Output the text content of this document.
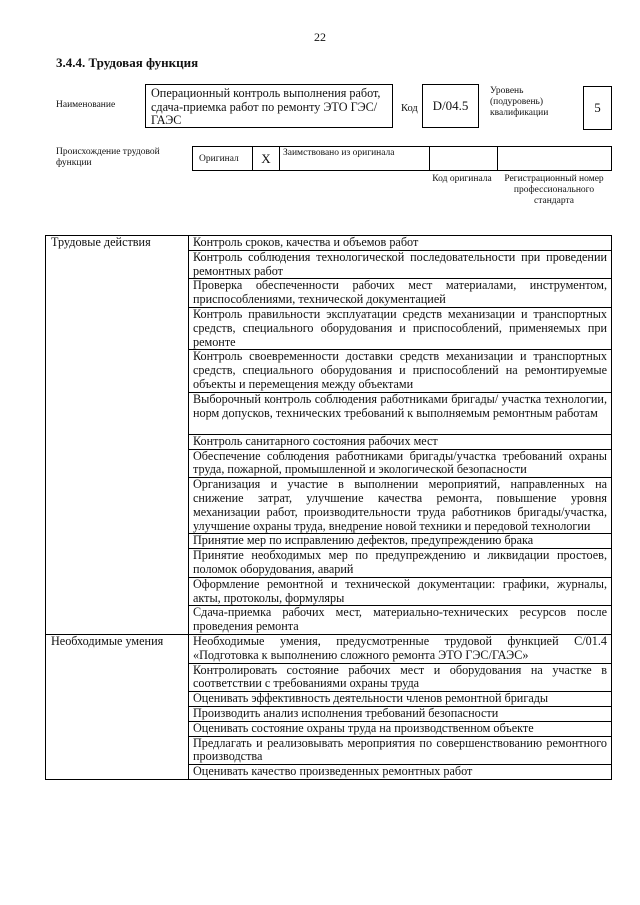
22
3.4.4. Трудовая функция
Наименование
Операционный контроль выполнения работ, сдача-приемка работ по ремонту ЭТО ГЭС/ГАЭС
Код	D/04.5
Уровень (подуровень) квалификации	5
Происхождение трудовой функции	Оригинал	X	Заимствовано из оригинала
Код оригинала	Регистрационный номер профессионального стандарта
Трудовые действия	Контроль сроков, качества и объемов работ
	Контроль соблюдения технологической последовательности при проведении ремонтных работ
	Проверка обеспеченности рабочих мест материалами, инструментом, приспособлениями, технической документацией
	Контроль правильности эксплуатации средств механизации и транспортных средств, специального оборудования и приспособлений, применяемых при ремонте
	Контроль своевременности доставки средств механизации и транспортных средств, специального оборудования и приспособлений на ремонтируемые объекты и перемещения между объектами
	Выборочный контроль соблюдения работниками бригады/ участка технологии, норм допусков, технических требований к выполняемым ремонтным работам
	Контроль санитарного состояния рабочих мест
	Обеспечение соблюдения работниками бригады/участка требований охраны труда, пожарной, промышленной и экологической безопасности
	Организация и участие в выполнении мероприятий, направленных на снижение затрат, улучшение качества ремонта, повышение уровня механизации работ, производительности труда работников бригады/участка, улучшение охраны труда, внедрение новой техники и передовой технологии
	Принятие мер по исправлению дефектов, предупреждению брака
	Принятие необходимых мер по предупреждению и ликвидации простоев, поломок оборудования, аварий
	Оформление ремонтной и технической документации: графики, журналы, акты, протоколы, формуляры
	Сдача-приемка рабочих мест, материально-технических ресурсов после проведения ремонта
Необходимые умения	Необходимые умения, предусмотренные трудовой функцией С/01.4 «Подготовка к выполнению сложного ремонта ЭТО ГЭС/ГАЭС»
	Контролировать состояние рабочих мест и оборудования на участке в соответствии с требованиями охраны труда
	Оценивать эффективность деятельности членов ремонтной бригады
	Производить анализ исполнения требований безопасности
	Оценивать состояние охраны труда на производственном объекте
	Предлагать и реализовывать мероприятия по совершенствованию ремонтного производства
	Оценивать качество произведенных ремонтных работ
